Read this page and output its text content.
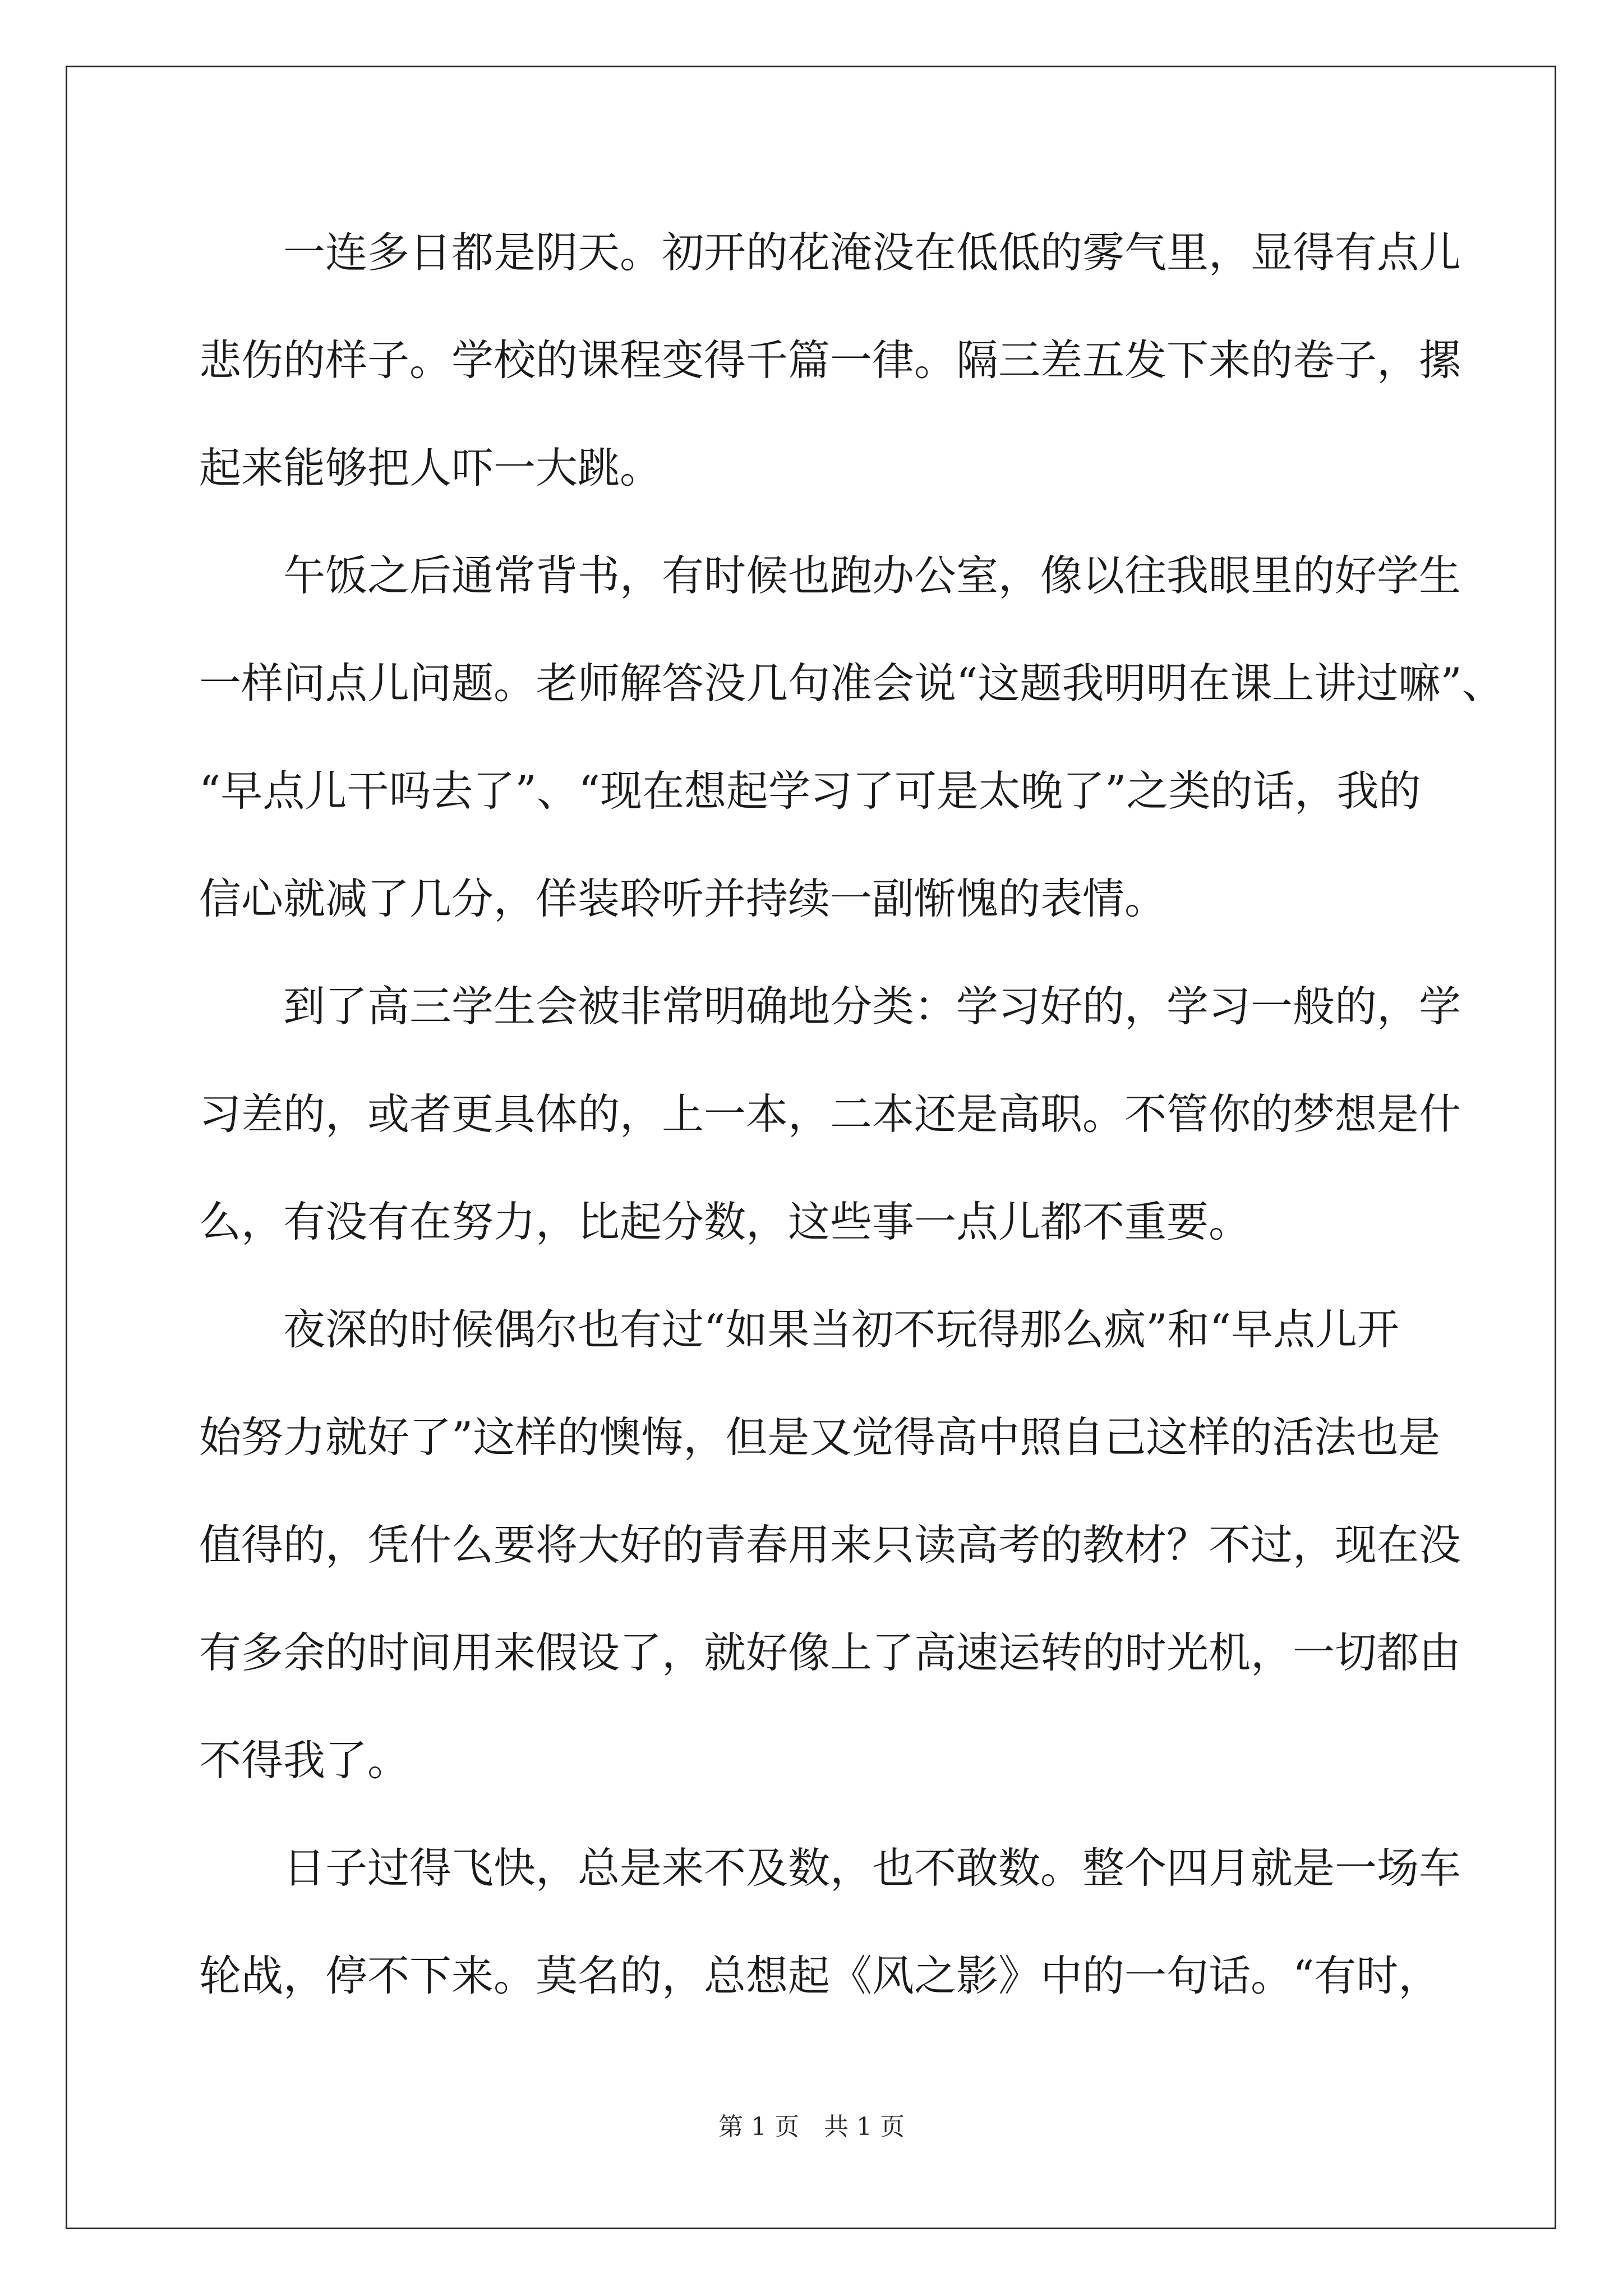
一连多日都是阴天。初开的花淹没在低低的雾气里，显得有点儿
悲伤的样子。学校的课程变得千篇一律。隔三差五发下来的卷子，摞
起来能够把人吓一大跳。
午饭之后通常背书，有时候也跑办公室，像以往我眼里的好学生
一样问点儿问题。老师解答没几句准会说“这题我明明在课上讲过嘛”、
“早点儿干吗去了”、“现在想起学习了可是太晚了”之类的话，我的
信心就减了几分，佯装聆听并持续一副惭愧的表情。
到了高三学生会被非常明确地分类：学习好的，学习一般的，学
习差的，或者更具体的，上一本，二本还是高职。不管你的梦想是什
么，有没有在努力，比起分数，这些事一点儿都不重要。
夜深的时候偶尔也有过“如果当初不玩得那么疯”和“早点儿开
始努力就好了”这样的懊悔，但是又觉得高中照自己这样的活法也是
值得的，凭什么要将大好的青春用来只读高考的教材？不过，现在没
有多余的时间用来假设了，就好像上了高速运转的时光机，一切都由
不得我了。
日子过得飞快，总是来不及数，也不敢数。整个四月就是一场车
轮战，停不下来。莫名的，总想起《风之影》中的一句话。“有时，
第 1 页　共 1 页
